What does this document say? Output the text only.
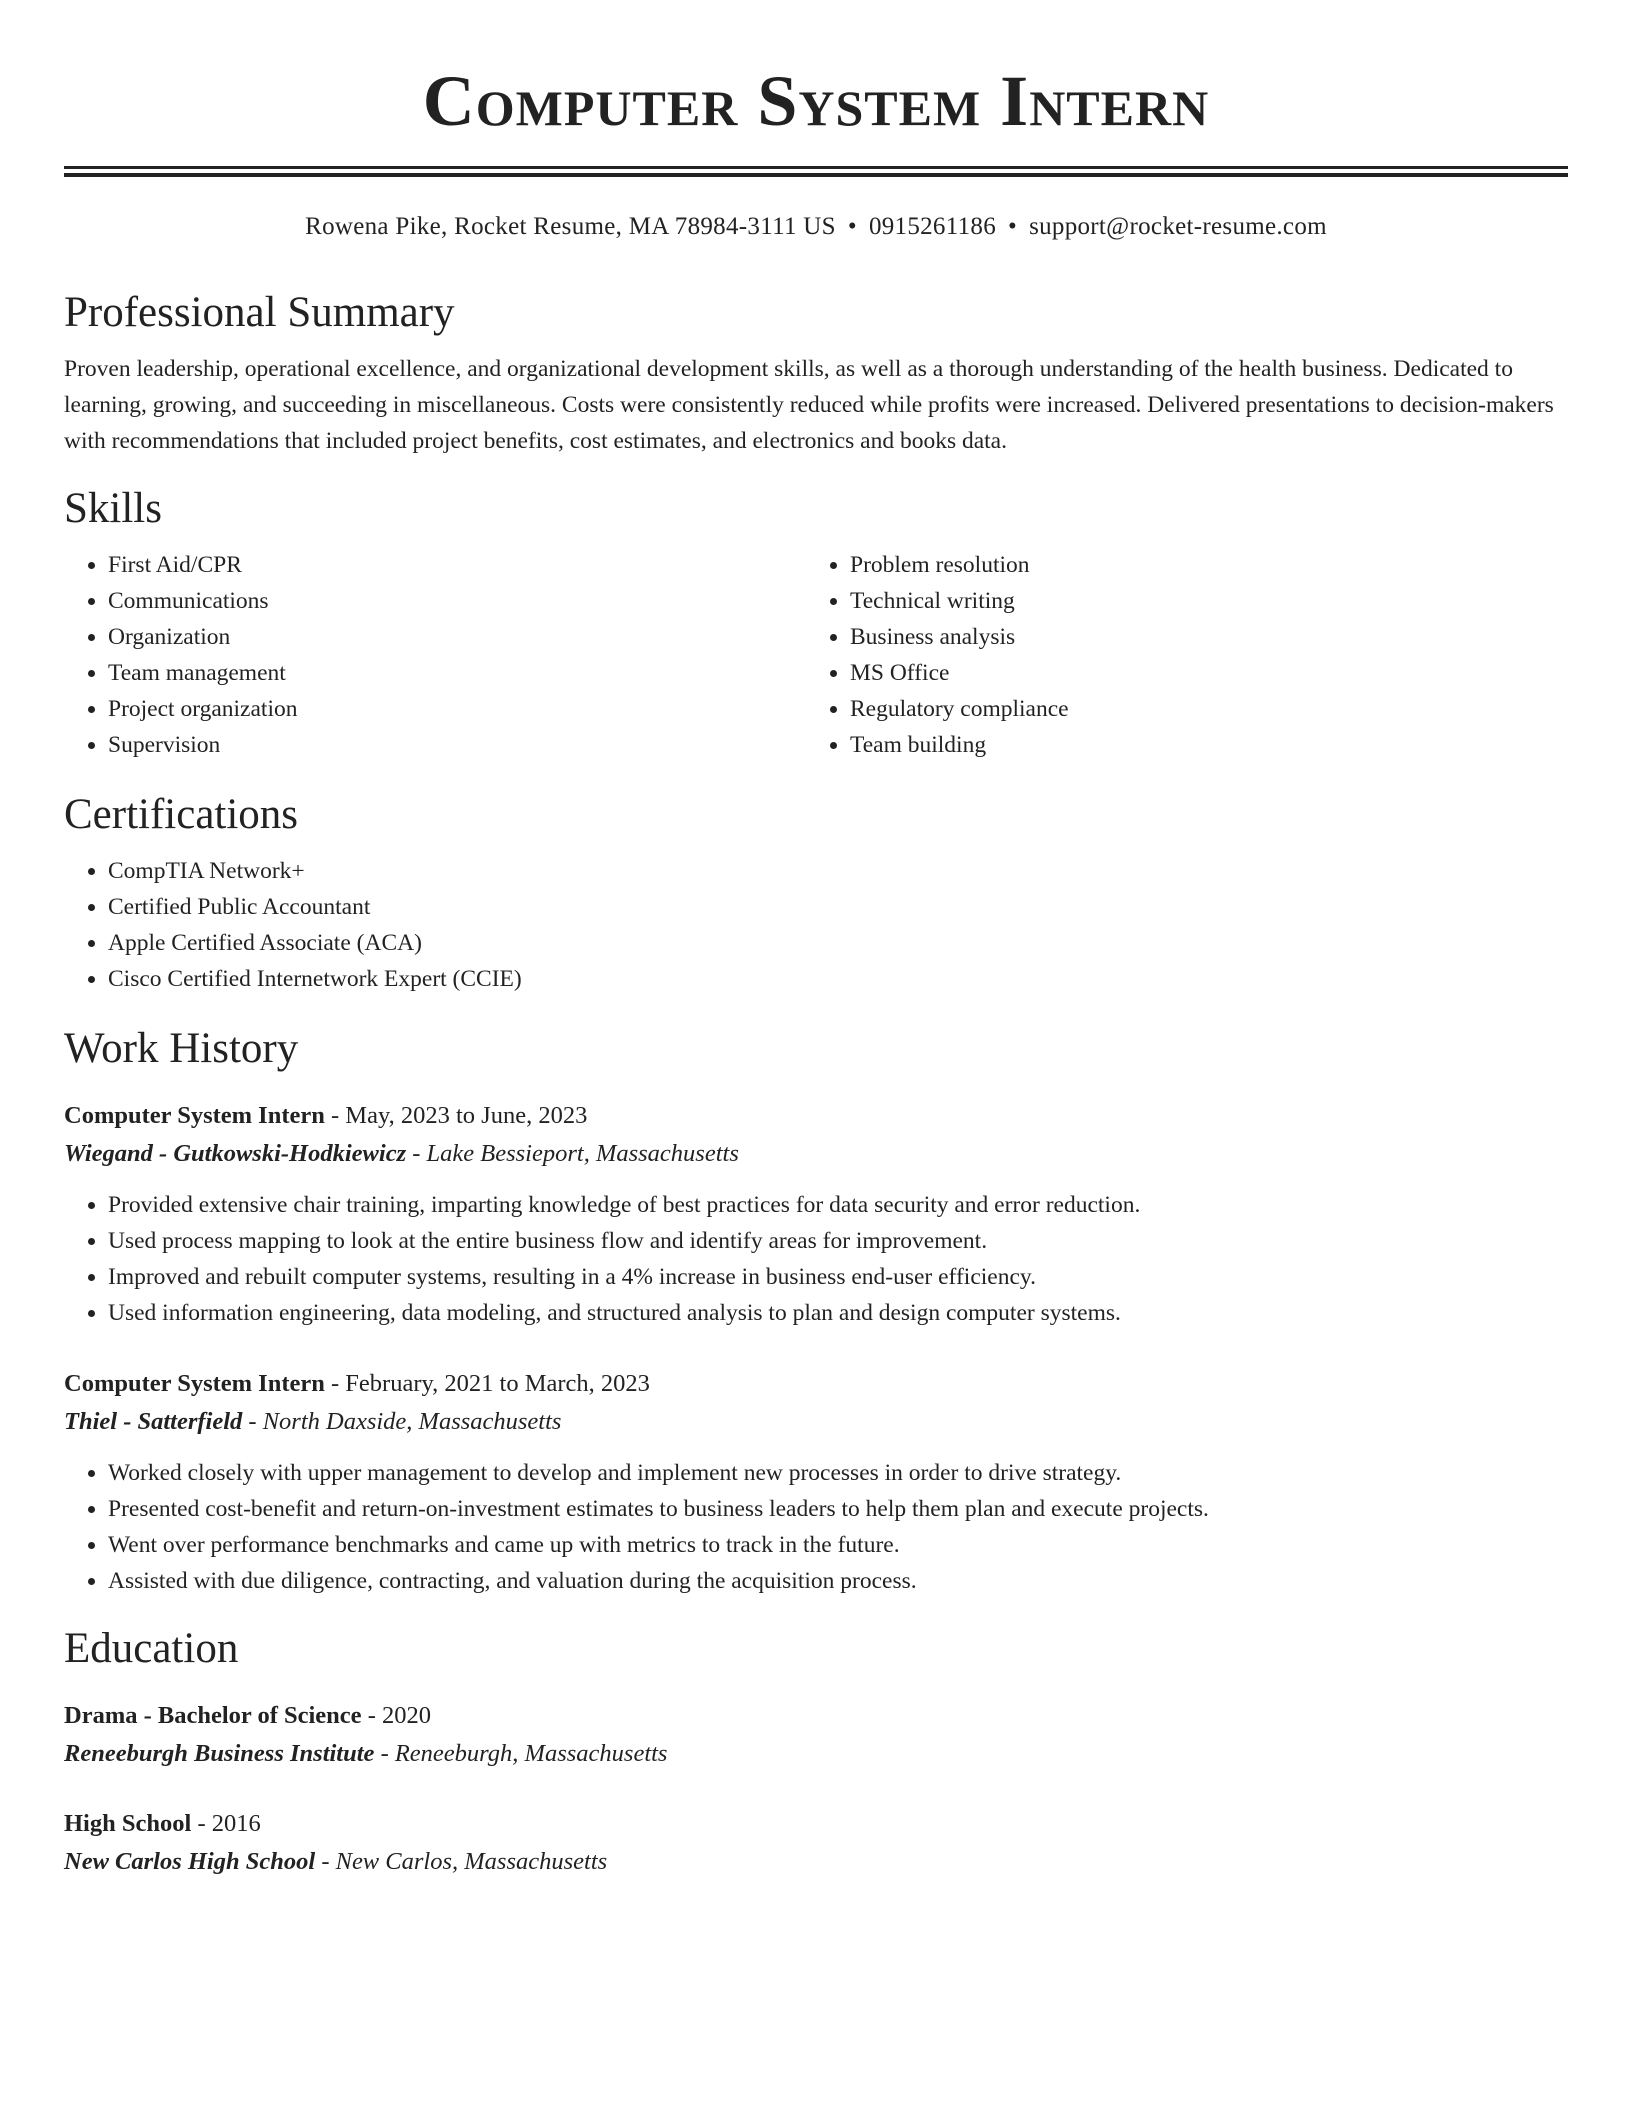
Computer System Intern
Rowena Pike, Rocket Resume, MA 78984-3111 US • 0915261186 • support@rocket-resume.com
Professional Summary

Proven leadership, operational excellence, and organizational development skills, as well as a thorough understanding of the health business. Dedicated to learning, growing, and succeeding in miscellaneous. Costs were consistently reduced while profits were increased. Delivered presentations to decision-makers with recommendations that included project benefits, cost estimates, and electronics and books data.

Skills
• First Aid/CPR
• Communications
• Organization
• Team management
• Project organization
• Supervision
• Problem resolution
• Technical writing
• Business analysis
• MS Office
• Regulatory compliance
• Team building
Certifications
• CompTIA Network+
• Certified Public Accountant
• Apple Certified Associate (ACA)
• Cisco Certified Internetwork Expert (CCIE)
Work History
Computer System Intern - May, 2023 to June, 2023
Wiegand - Gutkowski-Hodkiewicz - Lake Bessieport, Massachusetts
• Provided extensive chair training, imparting knowledge of best practices for data security and error reduction.
• Used process mapping to look at the entire business flow and identify areas for improvement.
• Improved and rebuilt computer systems, resulting in a 4% increase in business end-user efficiency.
• Used information engineering, data modeling, and structured analysis to plan and design computer systems.
Computer System Intern - February, 2021 to March, 2023
Thiel - Satterfield - North Daxside, Massachusetts
• Worked closely with upper management to develop and implement new processes in order to drive strategy.
• Presented cost-benefit and return-on-investment estimates to business leaders to help them plan and execute projects.
• Went over performance benchmarks and came up with metrics to track in the future.
• Assisted with due diligence, contracting, and valuation during the acquisition process.
Education
Drama - Bachelor of Science - 2020
Reneeburgh Business Institute - Reneeburgh, Massachusetts
High School - 2016
New Carlos High School - New Carlos, Massachusetts
